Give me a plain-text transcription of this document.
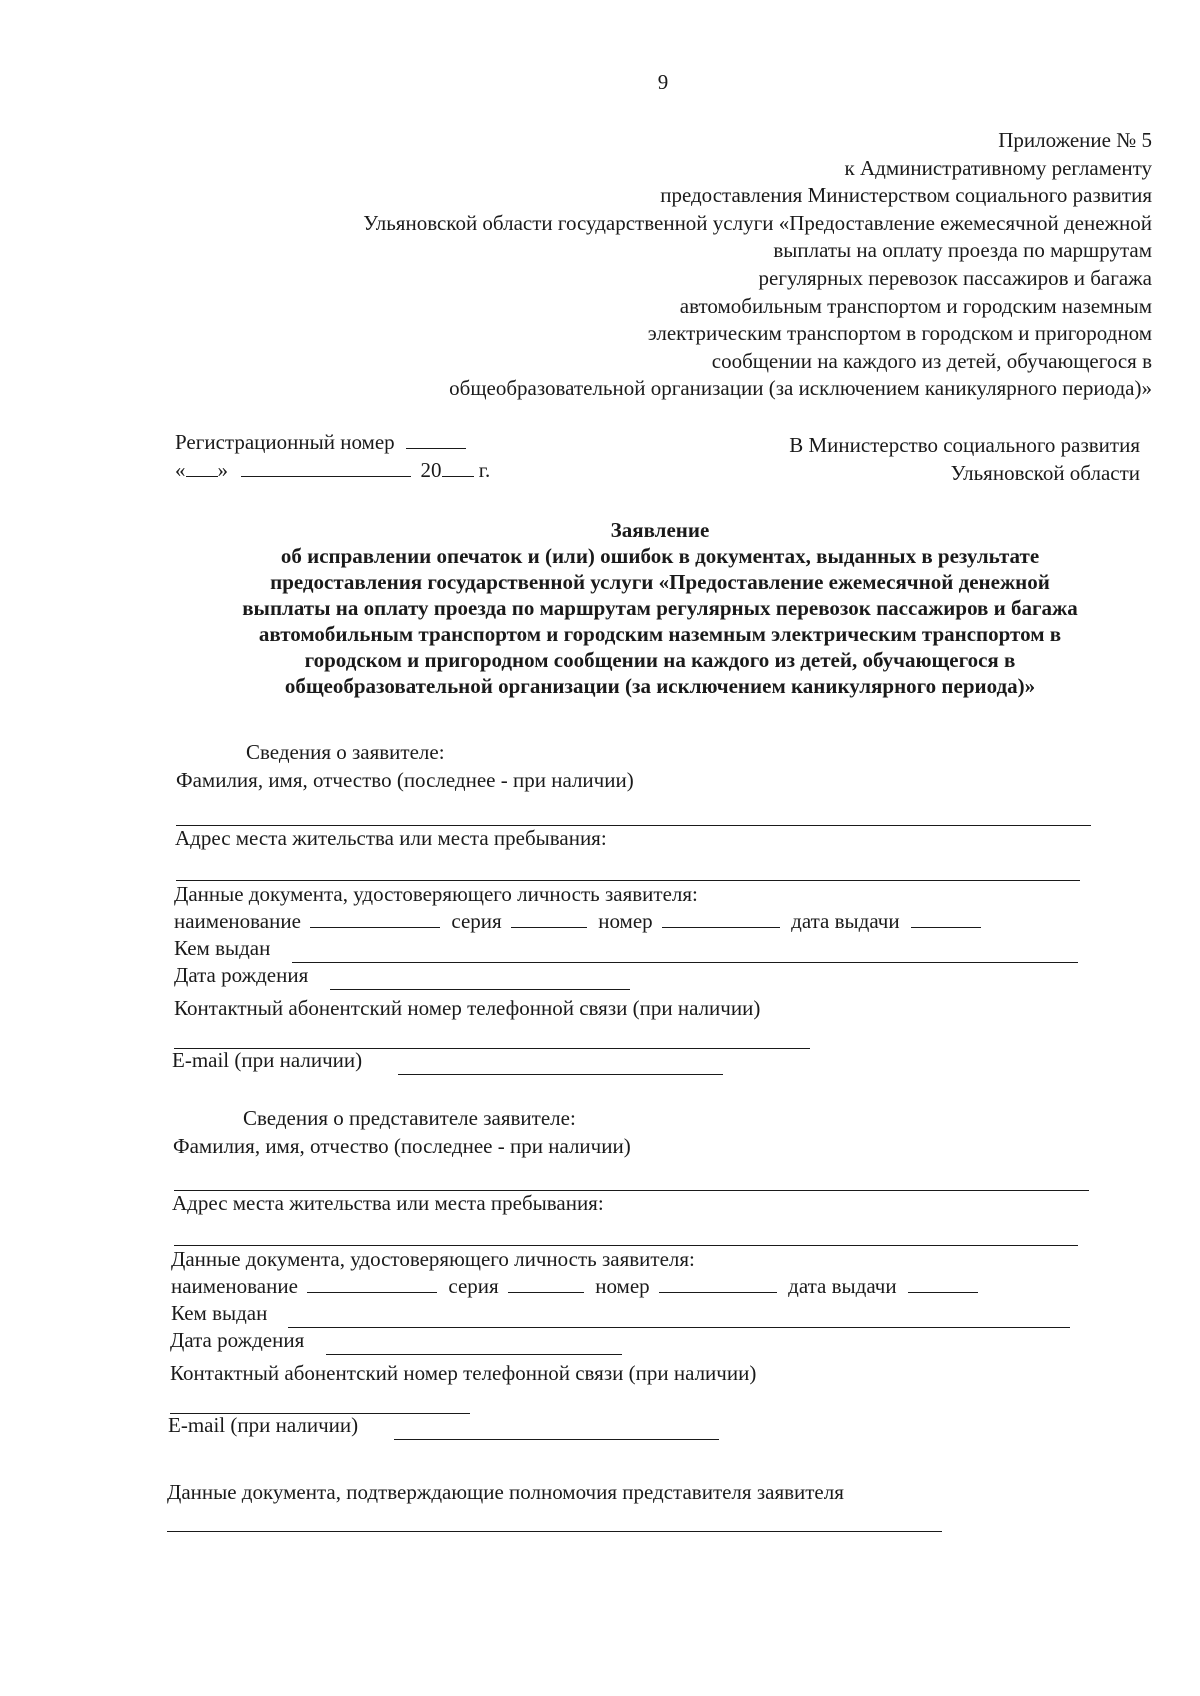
9
Приложение № 5
к Административному регламенту
предоставления Министерством социального развития
Ульяновской области государственной услуги «Предоставление ежемесячной денежной
выплаты на оплату проезда по маршрутам
регулярных перевозок пассажиров и багажа
автомобильным транспортом и городским наземным
электрическим транспортом в городском и пригородном
сообщении на каждого из детей, обучающегося в
общеобразовательной организации (за исключением каникулярного периода)»
Регистрационный номер
« »	20 г.
В Министерство социального развития
Ульяновской области
Заявление
об исправлении опечаток и (или) ошибок в документах, выданных в результате
предоставления государственной услуги «Предоставление ежемесячной денежной
выплаты на оплату проезда по маршрутам регулярных перевозок пассажиров и багажа
автомобильным транспортом и городским наземным электрическим транспортом в
городском и пригородном сообщении на каждого из детей, обучающегося в
общеобразовательной организации (за исключением каникулярного периода)»
Сведения о заявителе:
Фамилия, имя, отчество (последнее - при наличии)
Адрес места жительства или места пребывания:
Данные документа, удостоверяющего личность заявителя:
наименование	серия	номер	дата выдачи
Кем выдан
Дата рождения
Контактный абонентский номер телефонной связи (при наличии)
E-mail (при наличии)
Сведения о представителе заявителе:
Фамилия, имя, отчество (последнее - при наличии)
Адрес места жительства или места пребывания:
Данные документа, удостоверяющего личность заявителя:
наименование	серия	номер	дата выдачи
Кем выдан
Дата рождения
Контактный абонентский номер телефонной связи (при наличии)
E-mail (при наличии)
Данные документа, подтверждающие полномочия представителя заявителя
